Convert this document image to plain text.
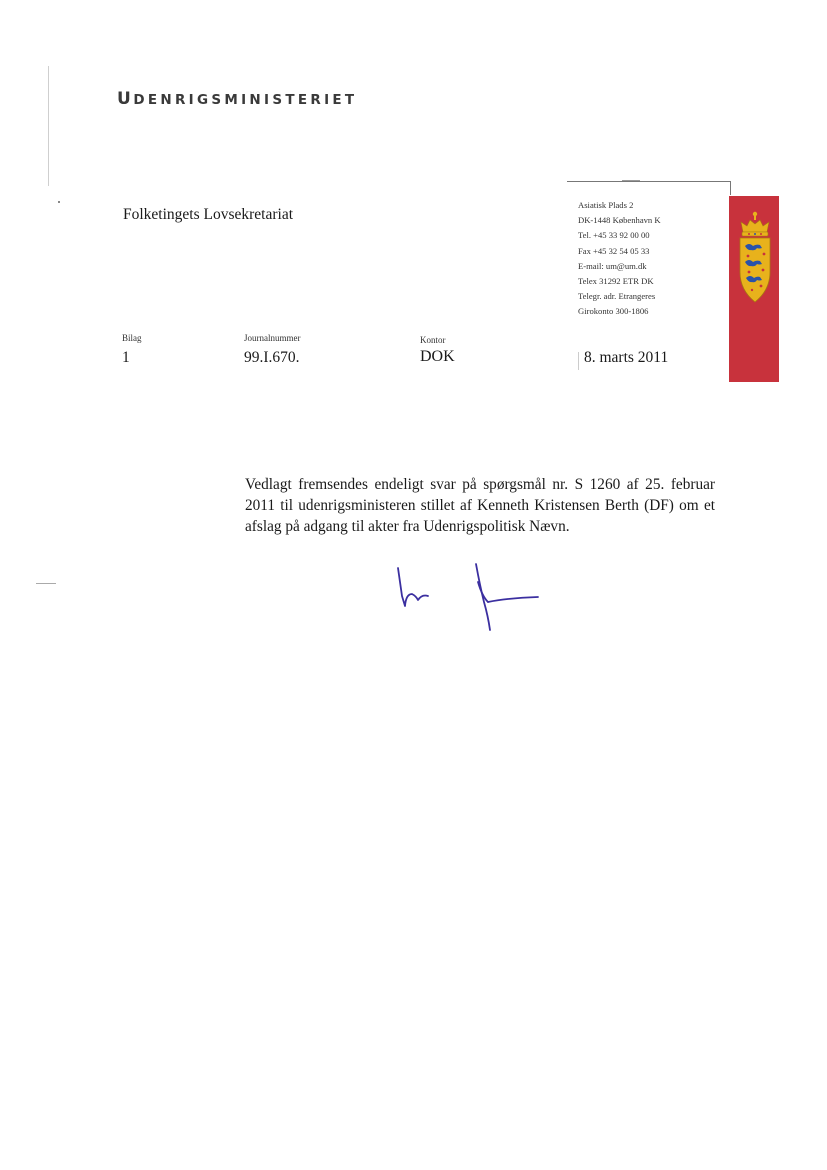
UDENRIGSMINISTERIET
Folketingets Lovsekretariat
Asiatisk Plads 2
DK-1448 København K
Tel. +45 33 92 00 00
Fax +45 32 54 05 33
E-mail: um@um.dk
Telex 31292 ETR DK
Telegr. adr. Etrangeres
Girokonto 300-1806
Bilag
1
Journalnummer
99.I.670.
Kontor
DOK	8. marts 2011
Vedlagt fremsendes endeligt svar på spørgsmål nr. S 1260 af 25. februar 2011 til udenrigsministeren stillet af Kenneth Kristensen Berth (DF) om et afslag på adgang til akter fra Udenrigspolitisk Nævn.
